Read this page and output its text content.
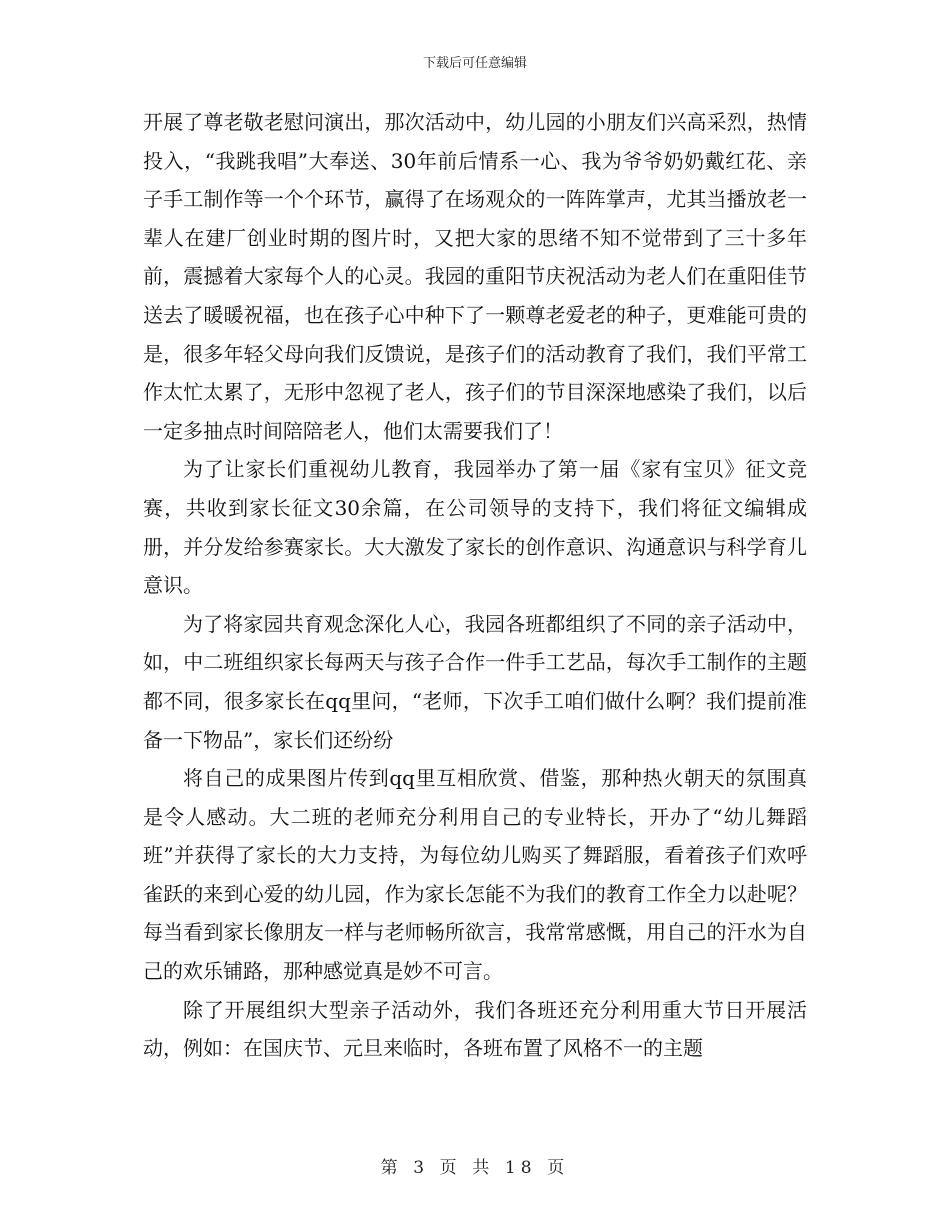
下载后可任意编辑

开展了尊老敬老慰问演出，那次活动中，幼儿园的小朋友们兴高采烈，热情投入，“我跳我唱”大奉送、30年前后情系一心、我为爷爷奶奶戴红花、亲子手工制作等一个个环节，赢得了在场观众的一阵阵掌声，尤其当播放老一辈人在建厂创业时期的图片时，又把大家的思绪不知不觉带到了三十多年前，震撼着大家每个人的心灵。我园的重阳节庆祝活动为老人们在重阳佳节送去了暖暖祝福，也在孩子心中种下了一颗尊老爱老的种子，更难能可贵的是，很多年轻父母向我们反馈说，是孩子们的活动教育了我们，我们平常工作太忙太累了，无形中忽视了老人，孩子们的节目深深地感染了我们，以后一定多抽点时间陪陪老人，他们太需要我们了！

为了让家长们重视幼儿教育，我园举办了第一届《家有宝贝》征文竞赛，共收到家长征文30余篇，在公司领导的支持下，我们将征文编辑成册，并分发给参赛家长。大大激发了家长的创作意识、沟通意识与科学育儿意识。

为了将家园共育观念深化人心，我园各班都组织了不同的亲子活动中，如，中二班组织家长每两天与孩子合作一件手工艺品，每次手工制作的主题都不同，很多家长在qq里问，“老师，下次手工咱们做什么啊？我们提前准备一下物品”，家长们还纷纷

将自己的成果图片传到qq里互相欣赏、借鉴，那种热火朝天的氛围真是令人感动。大二班的老师充分利用自己的专业特长，开办了“幼儿舞蹈班”并获得了家长的大力支持，为每位幼儿购买了舞蹈服，看着孩子们欢呼雀跃的来到心爱的幼儿园，作为家长怎能不为我们的教育工作全力以赴呢？每当看到家长像朋友一样与老师畅所欲言，我常常感慨，用自己的汗水为自己的欢乐铺路，那种感觉真是妙不可言。

除了开展组织大型亲子活动外，我们各班还充分利用重大节日开展活动，例如：在国庆节、元旦来临时，各班布置了风格不一的主题

第 3 页 共 18 页
